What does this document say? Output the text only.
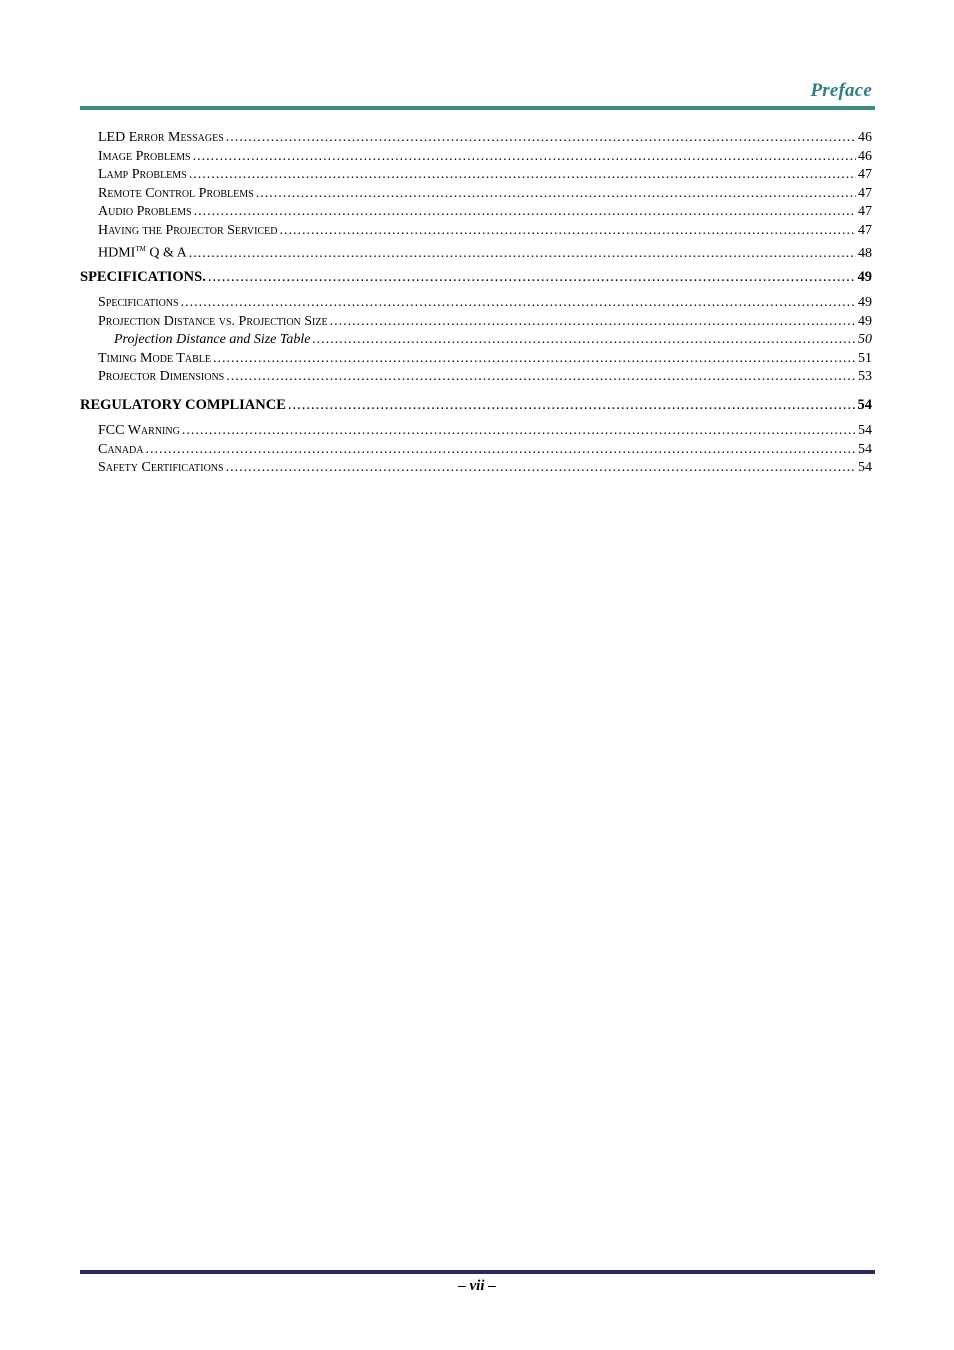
Preface
LED Error Messages .....	46
Image Problems .....	46
Lamp Problems .....	47
Remote Control Problems .....	47
Audio Problems .....	47
Having the Projector Serviced .....	47
HDMI™ Q & A .....	48
SPECIFICATIONS. .....	49
Specifications .....	49
Projection Distance vs. Projection Size .....	49
Projection Distance and Size Table .....	50
Timing Mode Table .....	51
Projector Dimensions .....	53
REGULATORY COMPLIANCE .....	54
FCC Warning .....	54
Canada .....	54
Safety Certifications .....	54
– vii –
